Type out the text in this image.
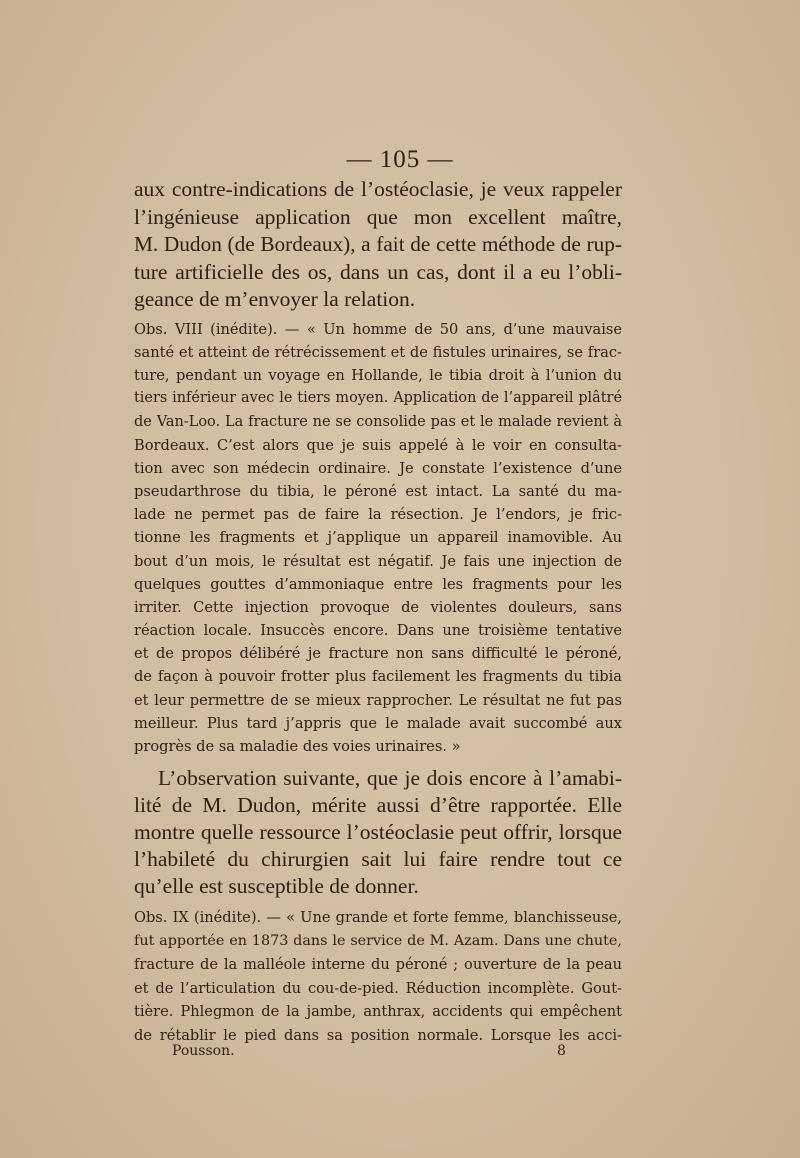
— 105 —
aux contre-indications de l’ostéoclasie, je veux rappeler
l’ingénieuse application que mon excellent maître,
M. Dudon (de Bordeaux), a fait de cette méthode de rup-
ture artificielle des os, dans un cas, dont il a eu l’obli-
geance de m’envoyer la relation.
Obs. VIII (inédite). — « Un homme de 50 ans, d’une mauvaise
santé et atteint de rétrécissement et de fistules urinaires, se frac-
ture, pendant un voyage en Hollande, le tibia droit à l’union du
tiers inférieur avec le tiers moyen. Application de l’appareil plâtré
de Van-Loo. La fracture ne se consolide pas et le malade revient à
Bordeaux. C’est alors que je suis appelé à le voir en consulta-
tion avec son médecin ordinaire. Je constate l’existence d’une
pseudarthrose du tibia, le péroné est intact. La santé du ma-
lade ne permet pas de faire la résection. Je l’endors, je fric-
tionne les fragments et j’applique un appareil inamovible. Au
bout d’un mois, le résultat est négatif. Je fais une injection de
quelques gouttes d’ammoniaque entre les fragments pour les
irriter. Cette injection provoque de violentes douleurs, sans
réaction locale. Insuccès encore. Dans une troisième tentative
et de propos délibéré je fracture non sans difficulté le péroné,
de façon à pouvoir frotter plus facilement les fragments du tibia
et leur permettre de se mieux rapprocher. Le résultat ne fut pas
meilleur. Plus tard j’appris que le malade avait succombé aux
progrès de sa maladie des voies urinaires. »
L’observation suivante, que je dois encore à l’amabi-
lité de M. Dudon, mérite aussi d’être rapportée. Elle
montre quelle ressource l’ostéoclasie peut offrir, lorsque
l’habileté du chirurgien sait lui faire rendre tout ce
qu’elle est susceptible de donner.
Obs. IX (inédite). — « Une grande et forte femme, blanchisseuse,
fut apportée en 1873 dans le service de M. Azam. Dans une chute,
fracture de la malléole interne du péroné ; ouverture de la peau
et de l’articulation du cou-de-pied. Réduction incomplète. Gout-
tière. Phlegmon de la jambe, anthrax, accidents qui empêchent
de rétablir le pied dans sa position normale. Lorsque les acci-
Pousson.	8
